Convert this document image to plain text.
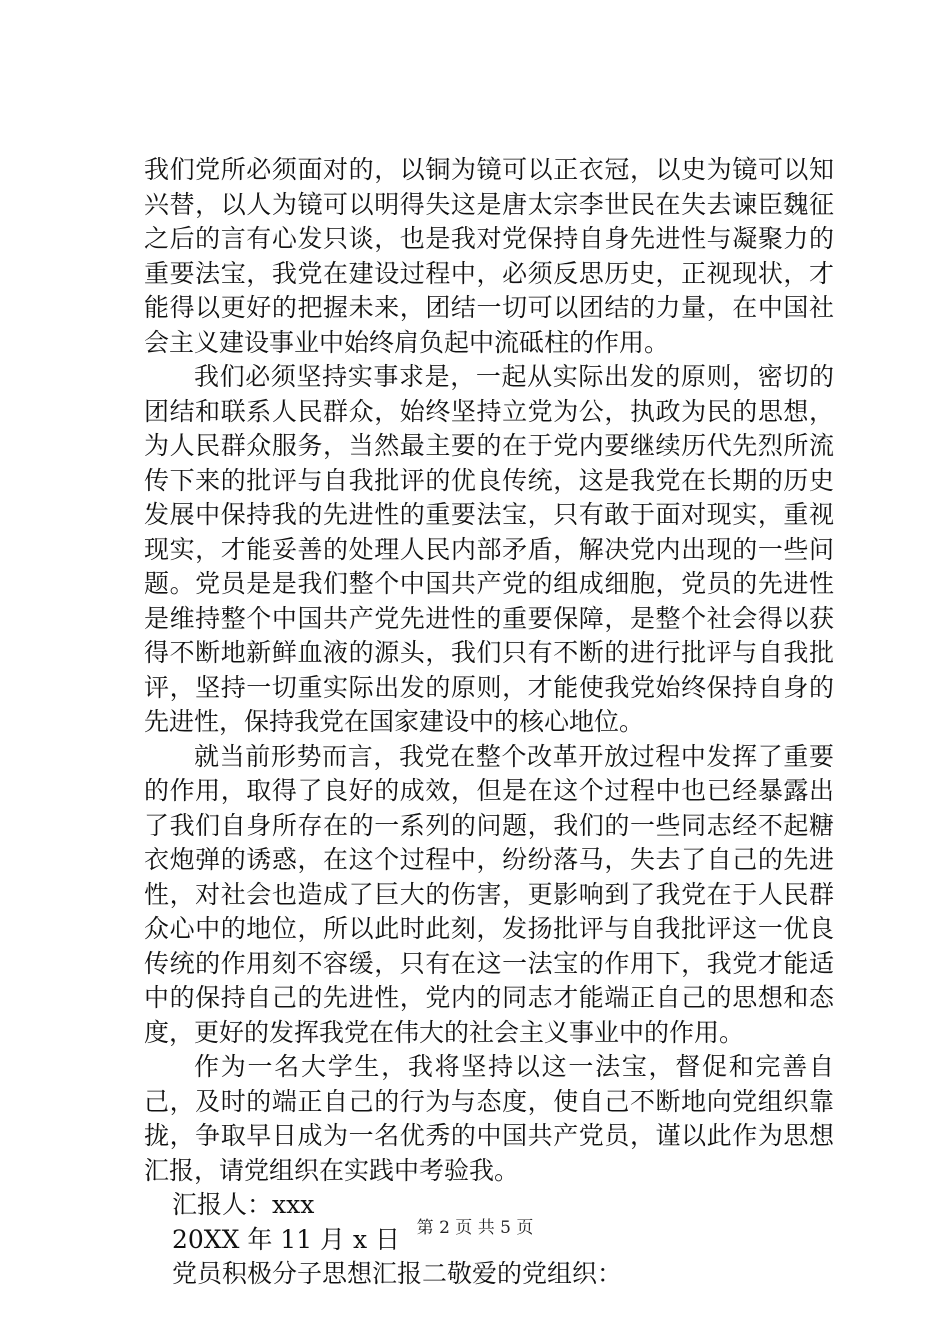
我们党所必须面对的，以铜为镜可以正衣冠，以史为镜可以知兴替，以人为镜可以明得失这是唐太宗李世民在失去谏臣魏征之后的言有心发只谈，也是我对党保持自身先进性与凝聚力的重要法宝，我党在建设过程中，必须反思历史，正视现状，才能得以更好的把握未来，团结一切可以团结的力量，在中国社会主义建设事业中始终肩负起中流砥柱的作用。

我们必须坚持实事求是，一起从实际出发的原则，密切的团结和联系人民群众，始终坚持立党为公，执政为民的思想，为人民群众服务，当然最主要的在于党内要继续历代先烈所流传下来的批评与自我批评的优良传统，这是我党在长期的历史发展中保持我的先进性的重要法宝，只有敢于面对现实，重视现实，才能妥善的处理人民内部矛盾，解决党内出现的一些问题。党员是是我们整个中国共产党的组成细胞，党员的先进性是维持整个中国共产党先进性的重要保障，是整个社会得以获得不断地新鲜血液的源头，我们只有不断的进行批评与自我批评，坚持一切重实际出发的原则，才能使我党始终保持自身的先进性，保持我党在国家建设中的核心地位。

就当前形势而言，我党在整个改革开放过程中发挥了重要的作用，取得了良好的成效，但是在这个过程中也已经暴露出了我们自身所存在的一系列的问题，我们的一些同志经不起糖衣炮弹的诱惑，在这个过程中，纷纷落马，失去了自己的先进性，对社会也造成了巨大的伤害，更影响到了我党在于人民群众心中的地位，所以此时此刻，发扬批评与自我批评这一优良传统的作用刻不容缓，只有在这一法宝的作用下，我党才能适中的保持自己的先进性，党内的同志才能端正自己的思想和态度，更好的发挥我党在伟大的社会主义事业中的作用。

作为一名大学生，我将坚持以这一法宝，督促和完善自己，及时的端正自己的行为与态度，使自己不断地向党组织靠拢，争取早日成为一名优秀的中国共产党员，谨以此作为思想汇报，请党组织在实践中考验我。

汇报人：xxx

20XX 年 11 月 x 日

党员积极分子思想汇报二敬爱的党组织：

第 2 页 共 5 页
